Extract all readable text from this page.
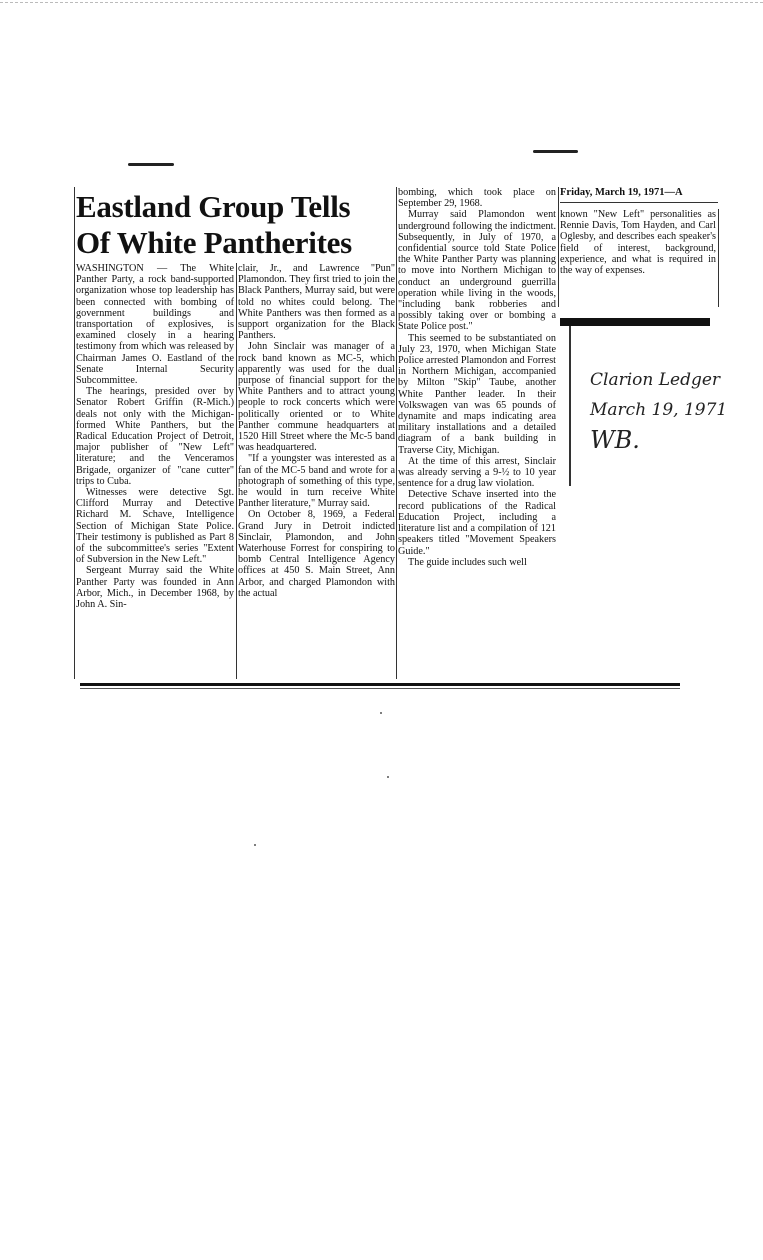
Eastland Group Tells Of White Pantherites

WASHINGTON — The White Panther Party, a rock band-supported organization whose top leadership has been connected with bombing of government buildings and transportation of explosives, is examined closely in a hearing testimony from which was released by Chairman James O. Eastland of the Senate Internal Security Subcommittee.

The hearings, presided over by Senator Robert Griffin (R-Mich.) deals not only with the Michigan-formed White Panthers, but the Radical Education Project of Detroit, major publisher of "New Left" literature; and the Venceramos Brigade, organizer of "cane cutter" trips to Cuba.

Witnesses were detective Sgt. Clifford Murray and Detective Richard M. Schave, Intelligence Section of Michigan State Police. Their testimony is published as Part 8 of the subcommittee's series "Extent of Subversion in the New Left."

Sergeant Murray said the White Panther Party was founded in Ann Arbor, Mich., in December 1968, by John A. Sin-

clair, Jr., and Lawrence "Pun" Plamondon. They first tried to join the Black Panthers, Murray said, but were told no whites could belong. The White Panthers was then formed as a support organization for the Black Panthers.

John Sinclair was manager of a rock band known as MC-5, which apparently was used for the dual purpose of financial support for the White Panthers and to attract young people to rock concerts which were politically oriented or to White Panther commune headquarters at 1520 Hill Street where the Mc-5 band was headquartered.

"If a youngster was interested as a fan of the MC-5 band and wrote for a photograph of something of this type, he would in turn receive White Panther literature," Murray said.

On October 8, 1969, a Federal Grand Jury in Detroit indicted Sinclair, Plamondon, and John Waterhouse Forrest for conspiring to bomb Central Intelligence Agency offices at 450 S. Main Street, Ann Arbor, and charged Plamondon with the actual

bombing, which took place on September 29, 1968.

Murray said Plamondon went underground following the indictment. Subsequently, in July of 1970, a confidential source told State Police the White Panther Party was planning to move into Northern Michigan to conduct an underground guerrilla operation while living in the woods, "including bank robberies and possibly taking over or bombing a State Police post."

This seemed to be substantiated on July 23, 1970, when Michigan State Police arrested Plamondon and Forrest in Northern Michigan, accompanied by Milton "Skip" Taube, another White Panther leader. In their Volkswagen van was 65 pounds of dynamite and maps indicating area military installations and a detailed diagram of a bank building in Traverse City, Michigan.

At the time of this arrest, Sinclair was already serving a 9-½ to 10 year sentence for a drug law violation.

Detective Schave inserted into the record publications of the Radical Education Project, including a literature list and a compilation of 121 speakers titled "Movement Speakers Guide."

The guide includes such well

Friday, March 19, 1971—A

known "New Left" personalities as Rennie Davis, Tom Hayden, and Carl Oglesby, and describes each speaker's field of interest, background, experience, and what is required in the way of expenses.

Clarion Ledger
March 19, 1971
WB.
